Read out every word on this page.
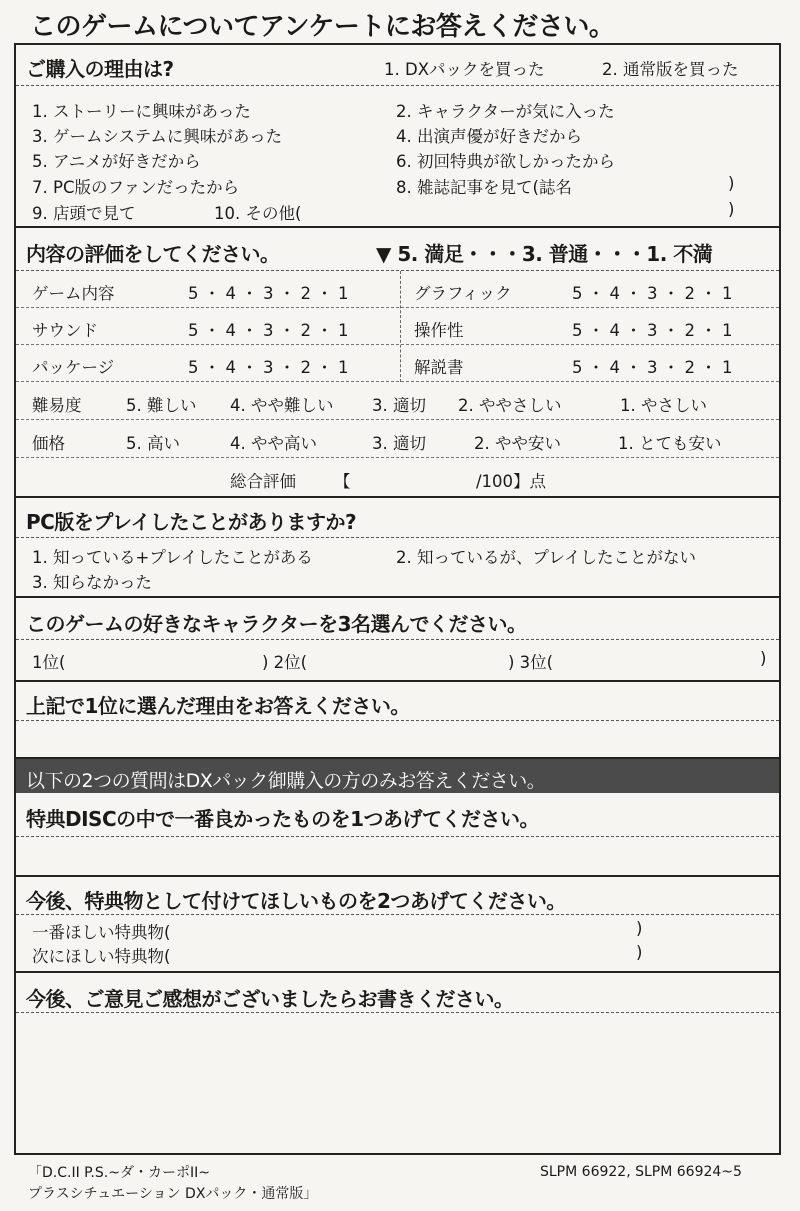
このゲームについてアンケートにお答えください。
ご購入の理由は?	1. DXパックを買った	2. 通常版を買った
1. ストーリーに興味があった	2. キャラクターが気に入った
3. ゲームシステムに興味があった	4. 出演声優が好きだから
5. アニメが好きだから	6. 初回特典が欲しかったから
7. PC版のファンだったから	8. 雑誌記事を見て(誌名	)
9. 店頭で見て	10. その他(	)
内容の評価をしてください。	▼ 5. 満足・・・3. 普通・・・1. 不満
ゲーム内容	5 ・ 4 ・ 3 ・ 2 ・ 1	グラフィック	5 ・ 4 ・ 3 ・ 2 ・ 1
サウンド	5 ・ 4 ・ 3 ・ 2 ・ 1	操作性	5 ・ 4 ・ 3 ・ 2 ・ 1
パッケージ	5 ・ 4 ・ 3 ・ 2 ・ 1	解説書	5 ・ 4 ・ 3 ・ 2 ・ 1
難易度	5. 難しい 4. やや難しい 3. 適切 2. ややさしい	1. やさしい
価格	5. 高い	4. やや高い	3. 適切	2. やや安い	1. とても安い
総合評価 【	/100】点
PC版をプレイしたことがありますか?
1. 知っている+プレイしたことがある	2. 知っているが、プレイしたことがない
3. 知らなかった
このゲームの好きなキャラクターを3名選んでください。
1位(	) 2位(	) 3位(	)
上記で1位に選んだ理由をお答えください。
以下の2つの質問はDXパック御購入の方のみお答えください。
特典DISCの中で一番良かったものを1つあげてください。
今後、特典物として付けてほしいものを2つあげてください。
一番ほしい特典物(	)
次にほしい特典物(	)
今後、ご意見ご感想がございましたらお書きください。
「D.C.II P.S.~ダ・カーポII~
プラスシチュエーション DXパック・通常版」
SLPM 66922, SLPM 66924~5
